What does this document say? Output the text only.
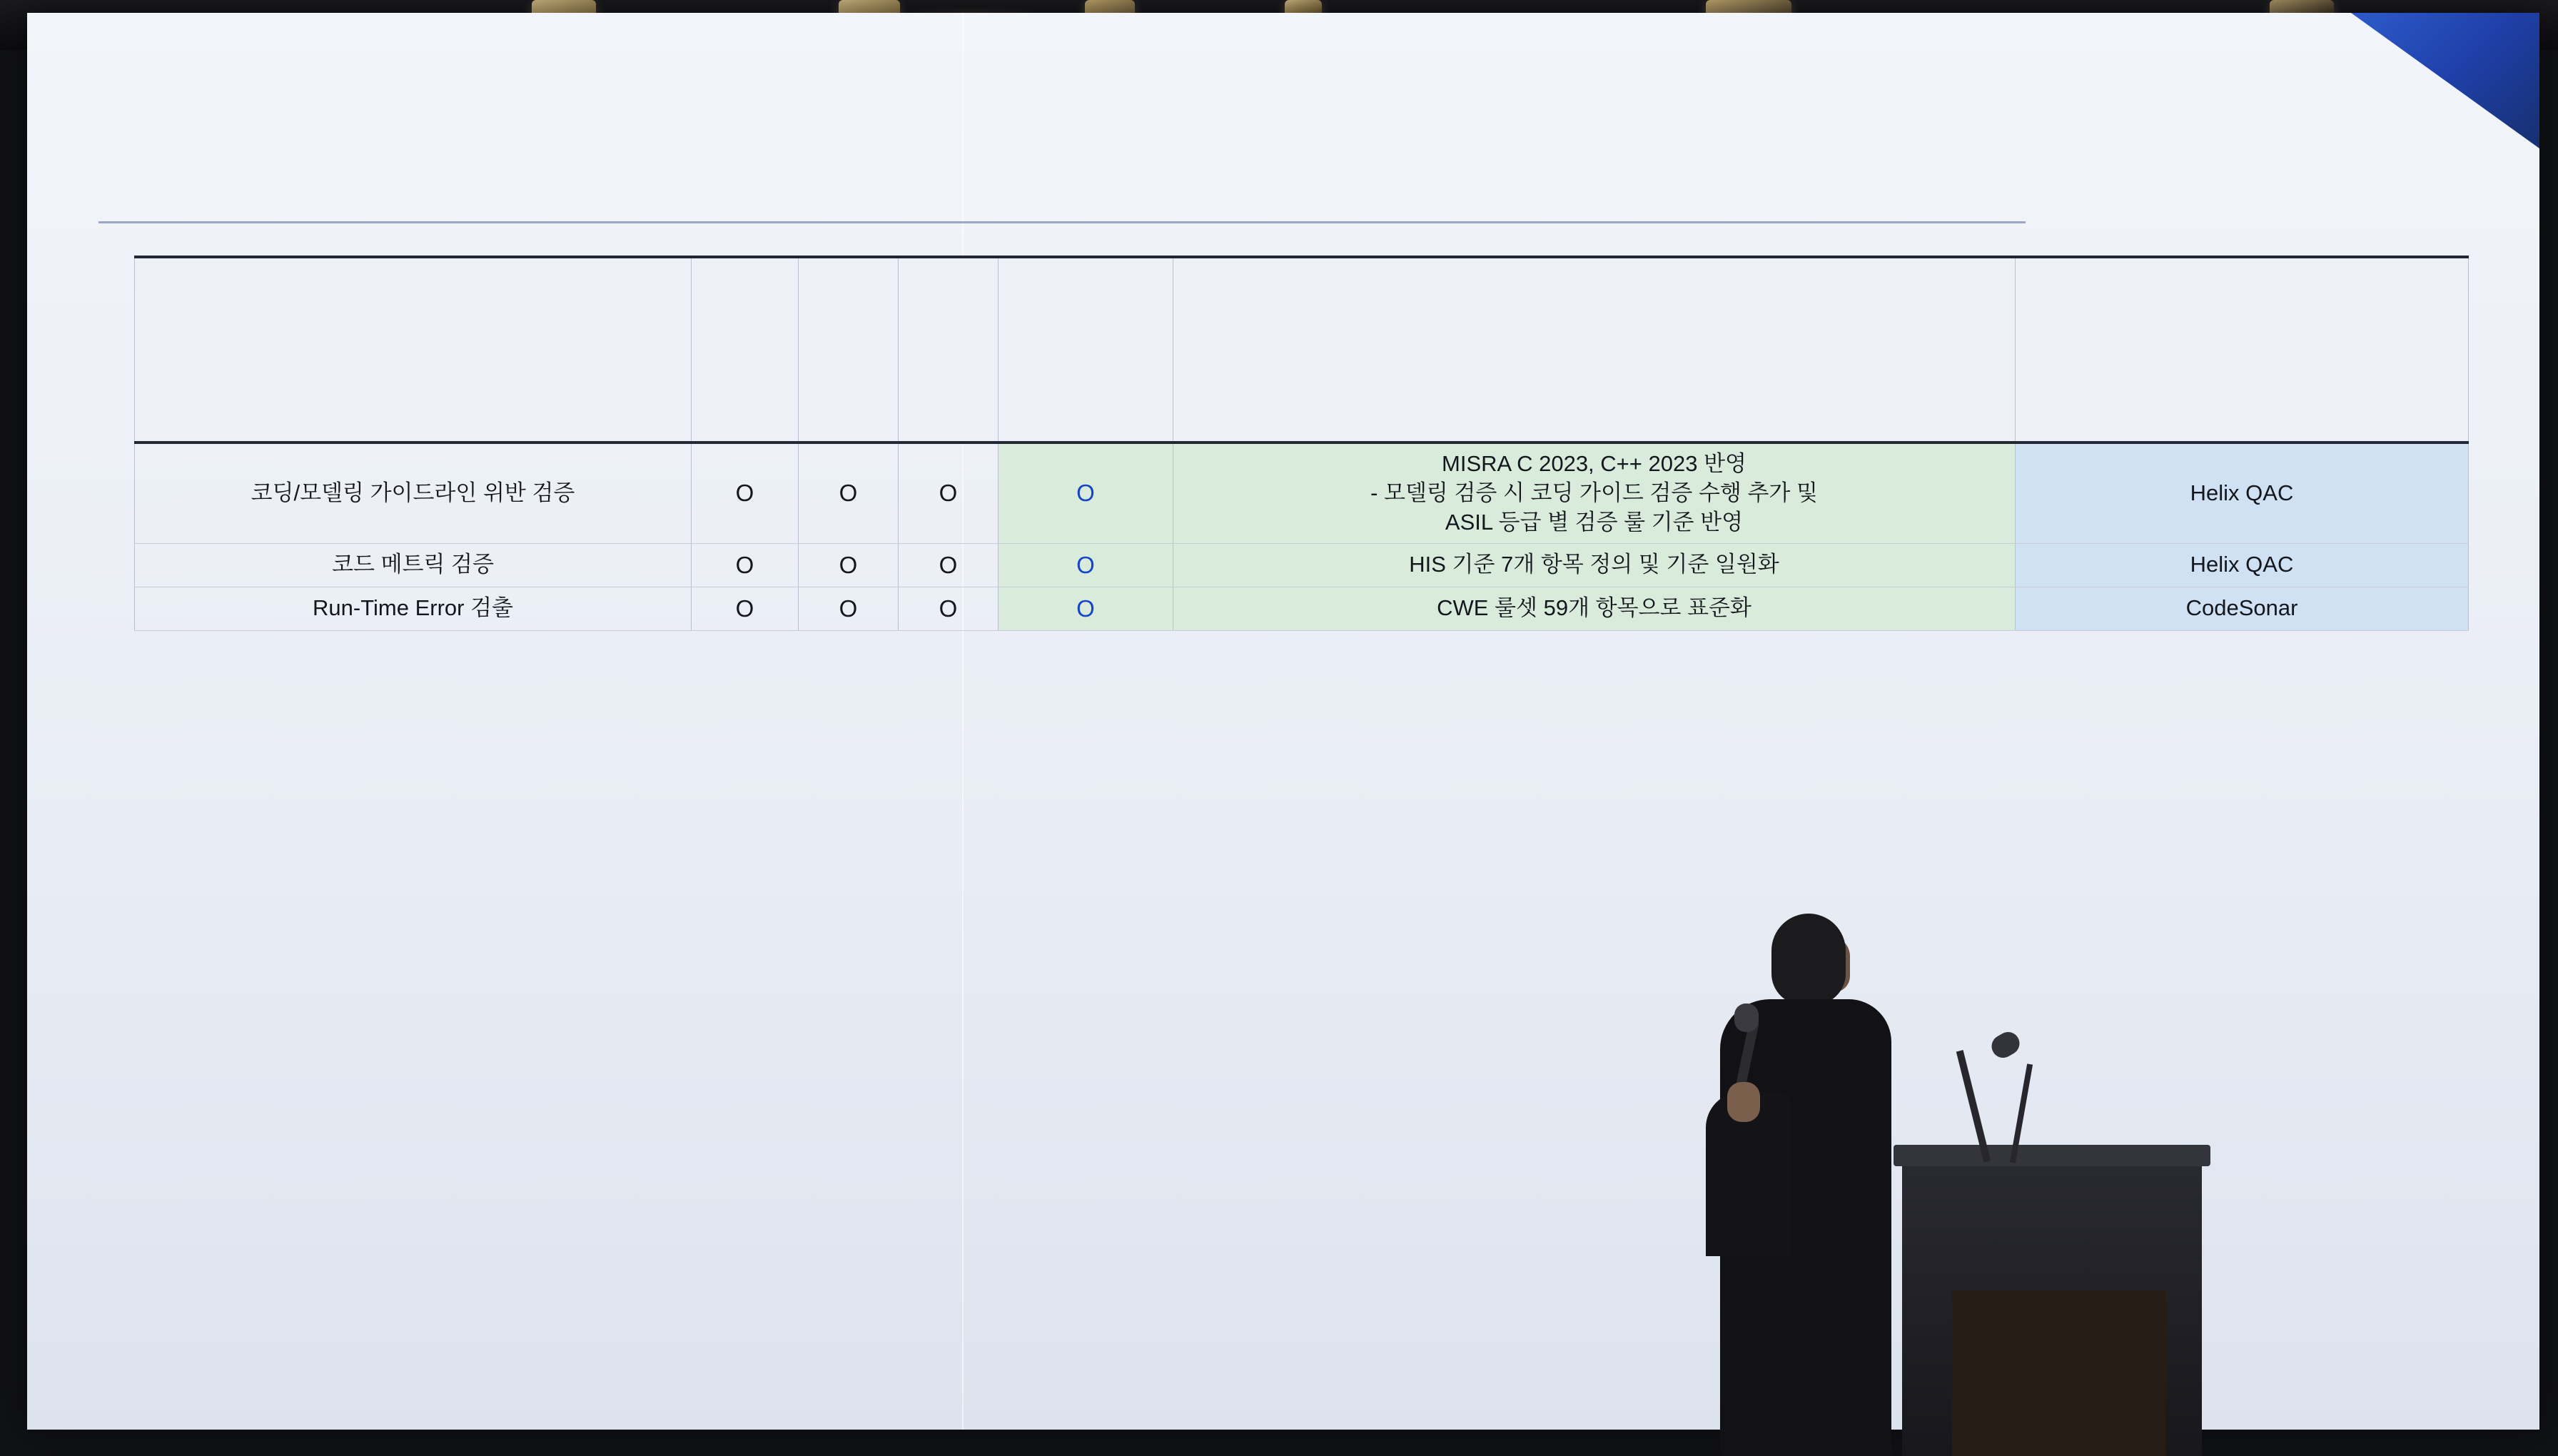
코딩/모델링 가이드라인 위반 검증	O	O	O	O	MISRA C 2023, C++ 2023 반영
- 모델링 검증 시 코딩 가이드 검증 수행 추가 및
ASIL 등급 별 검증 룰 기준 반영	Helix QAC
코드 메트릭 검증	O	O	O	O	HIS 기준 7개 항목 정의 및 기준 일원화	Helix QAC
Run-Time Error 검출	O	O	O	O	CWE 룰셋 59개 항목으로 표준화	CodeSonar
